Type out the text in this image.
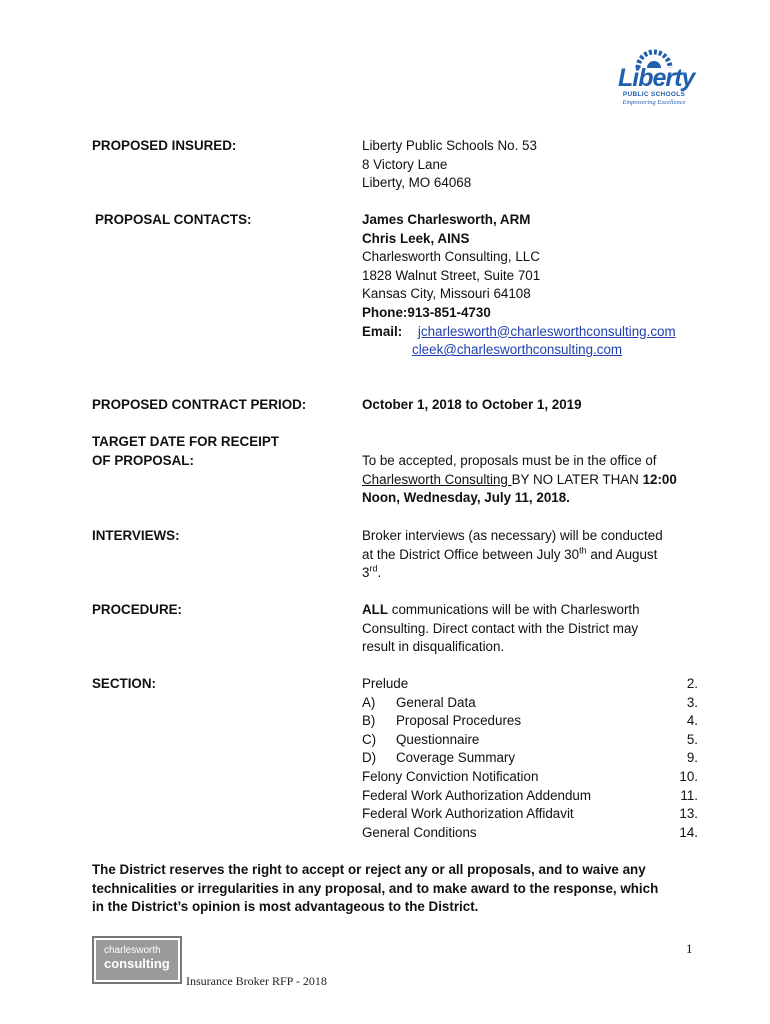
Liberty
PUBLIC SCHOOLS
Empowering Excellence
PROPOSED INSURED:	Liberty Public Schools No. 53
8 Victory Lane
Liberty, MO 64068
PROPOSAL CONTACTS:	James Charlesworth, ARM
Chris Leek, AINS
Charlesworth Consulting, LLC
1828 Walnut Street, Suite 701
Kansas City, Missouri 64108
Phone:913-851-4730
Email: jcharlesworth@charlesworthconsulting.com
cleek@charlesworthconsulting.com
PROPOSED CONTRACT PERIOD:	October 1, 2018 to October 1, 2019
TARGET DATE FOR RECEIPT
OF PROPOSAL:	To be accepted, proposals must be in the office of
Charlesworth Consulting BY NO LATER THAN 12:00
Noon, Wednesday, July 11, 2018.
INTERVIEWS:	Broker interviews (as necessary) will be conducted
at the District Office between July 30th and August
3rd.
PROCEDURE:	ALL communications will be with Charlesworth
Consulting. Direct contact with the District may
result in disqualification.
SECTION:	Prelude	2.
A) General Data	3.
B) Proposal Procedures	4.
C) Questionnaire	5.
D) Coverage Summary	9.
Felony Conviction Notification	10.
Federal Work Authorization Addendum	11.
Federal Work Authorization Affidavit	13.
General Conditions	14.
The District reserves the right to accept or reject any or all proposals, and to waive any
technicalities or irregularities in any proposal, and to make award to the response, which
in the District’s opinion is most advantageous to the District.
charlesworth
consulting
Insurance Broker RFP - 2018
1
